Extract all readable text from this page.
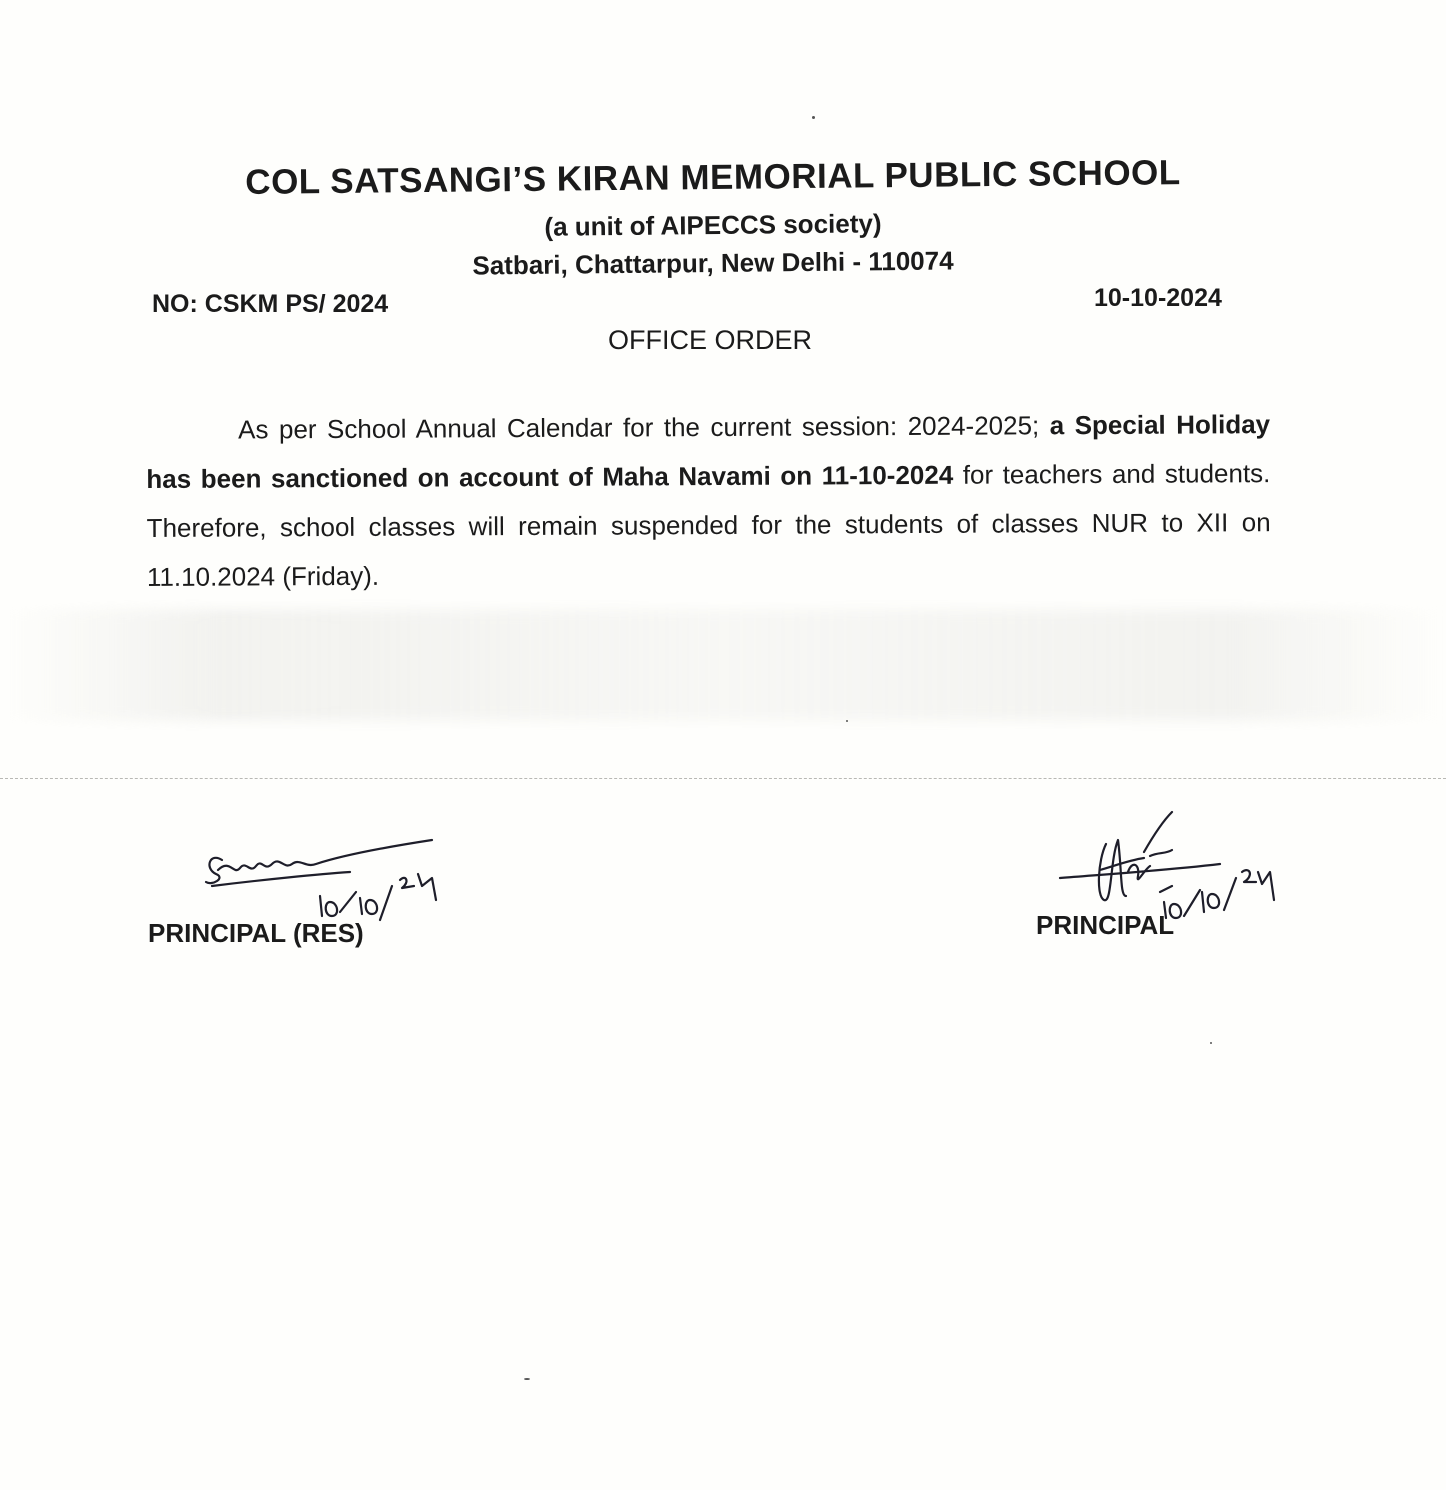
COL SATSANGI’S KIRAN MEMORIAL PUBLIC SCHOOL
(a unit of AIPECCS society)
Satbari, Chattarpur, New Delhi - 110074
NO: CSKM PS/ 2024	10-10-2024
OFFICE ORDER
As per School Annual Calendar for the current session: 2024-2025; a Special Holiday has been sanctioned on account of Maha Navami on 11-10-2024 for teachers and students. Therefore, school classes will remain suspended for the students of classes NUR to XII on 11.10.2024 (Friday).
PRINCIPAL (RES)	PRINCIPAL
